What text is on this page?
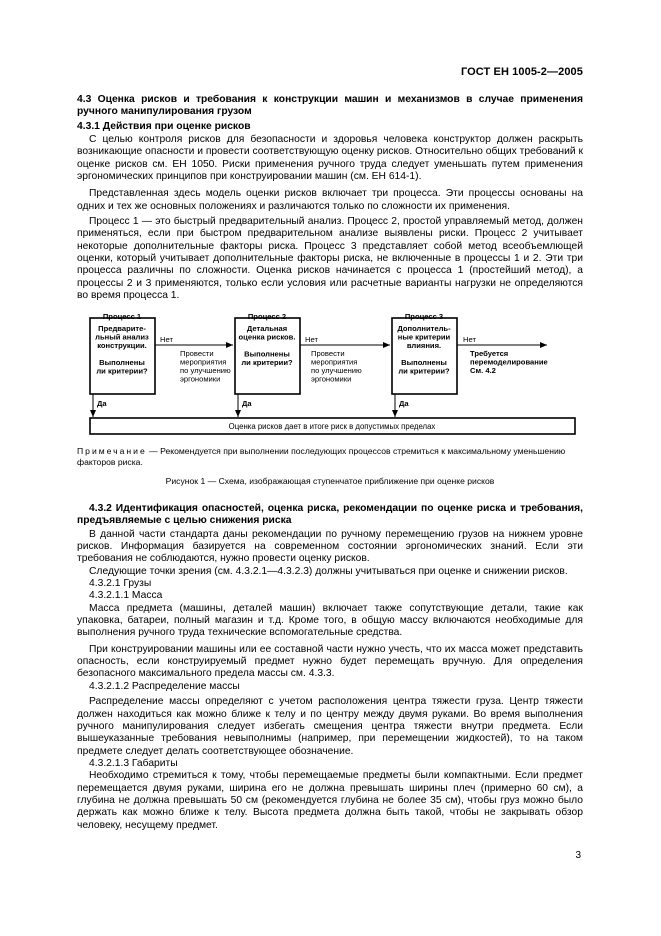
ГОСТ ЕН 1005-2—2005

4.3 Оценка рисков и требования к конструкции машин и механизмов в случае применения ручного манипулирования грузом

4.3.1 Действия при оценке рисков

С целью контроля рисков для безопасности и здоровья человека конструктор должен раскрыть возникающие опасности и провести соответствующую оценку рисков. Относительно общих требований к оценке рисков см. ЕН 1050. Риски применения ручного труда следует уменьшать путем применения эргономических принципов при конструировании машин (см. ЕН 614-1).

Представленная здесь модель оценки рисков включает три процесса. Эти процессы основаны на одних и тех же основных положениях и различаются только по сложности их применения.

Процесс 1 — это быстрый предварительный анализ. Процесс 2, простой управляемый метод, должен применяться, если при быстром предварительном анализе выявлены риски. Процесс 2 учитывает некоторые дополнительные факторы риска. Процесс 3 представляет собой метод всеобъемлющей оценки, который учитывает дополнительные факторы риска, не включенные в процессы 1 и 2. Эти три процесса различны по сложности. Оценка рисков начинается с процесса 1 (простейший метод), а процессы 2 и 3 применяются, только если условия или расчетные варианты нагрузки не определяются во время процесса 1.

Процесс 1
Предварите-
льный анализ
конструкции.
Выполнены
ли критерии?
Процесс 2
Детальная
оценка рисков.
Выполнены
ли критерии?
Процесс 3
Дополнитель-
ные критерии
влияния.
Выполнены
ли критерии?
Нет	Нет	Нет
Провести
мероприятия
по улучшению
эргономики
Провести
мероприятия
по улучшению
эргономики
Требуется
перемоделирование
См. 4.2
Да	Да	Да
Оценка рисков дает в итоге риск в допустимых пределах
Примечание — Рекомендуется при выполнении последующих процессов стремиться к максимальному уменьшению факторов риска.
Рисунок 1 — Схема, изображающая ступенчатое приближение при оценке рисков

4.3.2 Идентификация опасностей, оценка риска, рекомендации по оценке риска и требования, предъявляемые с целью снижения риска

В данной части стандарта даны рекомендации по ручному перемещению грузов на нижнем уровне рисков. Информация базируется на современном состоянии эргономических знаний. Если эти требования не соблюдаются, нужно провести оценку рисков.

Следующие точки зрения (см. 4.3.2.1—4.3.2.3) должны учитываться при оценке и снижении рисков.

4.3.2.1 Грузы

4.3.2.1.1 Масса

Масса предмета (машины, деталей машин) включает также сопутствующие детали, такие как упаковка, батареи, полный магазин и т.д. Кроме того, в общую массу включаются необходимые для выполнения ручного труда технические вспомогательные средства.

При конструировании машины или ее составной части нужно учесть, что их масса может представить опасность, если конструируемый предмет нужно будет перемещать вручную. Для определения безопасного максимального предела массы см. 4.3.3.

4.3.2.1.2 Распределение массы

Распределение массы определяют с учетом расположения центра тяжести груза. Центр тяжести должен находиться как можно ближе к телу и по центру между двумя руками. Во время выполнения ручного манипулирования следует избегать смещения центра тяжести внутри предмета. Если вышеуказанные требования невыполнимы (например, при перемещении жидкостей), то на таком предмете следует делать соответствующее обозначение.

4.3.2.1.3 Габариты

Необходимо стремиться к тому, чтобы перемещаемые предметы были компактными. Если предмет перемещается двумя руками, ширина его не должна превышать ширины плеч (примерно 60 см), а глубина не должна превышать 50 см (рекомендуется глубина не более 35 см), чтобы груз можно было держать как можно ближе к телу. Высота предмета должна быть такой, чтобы не закрывать обзор человеку, несущему предмет.

3
